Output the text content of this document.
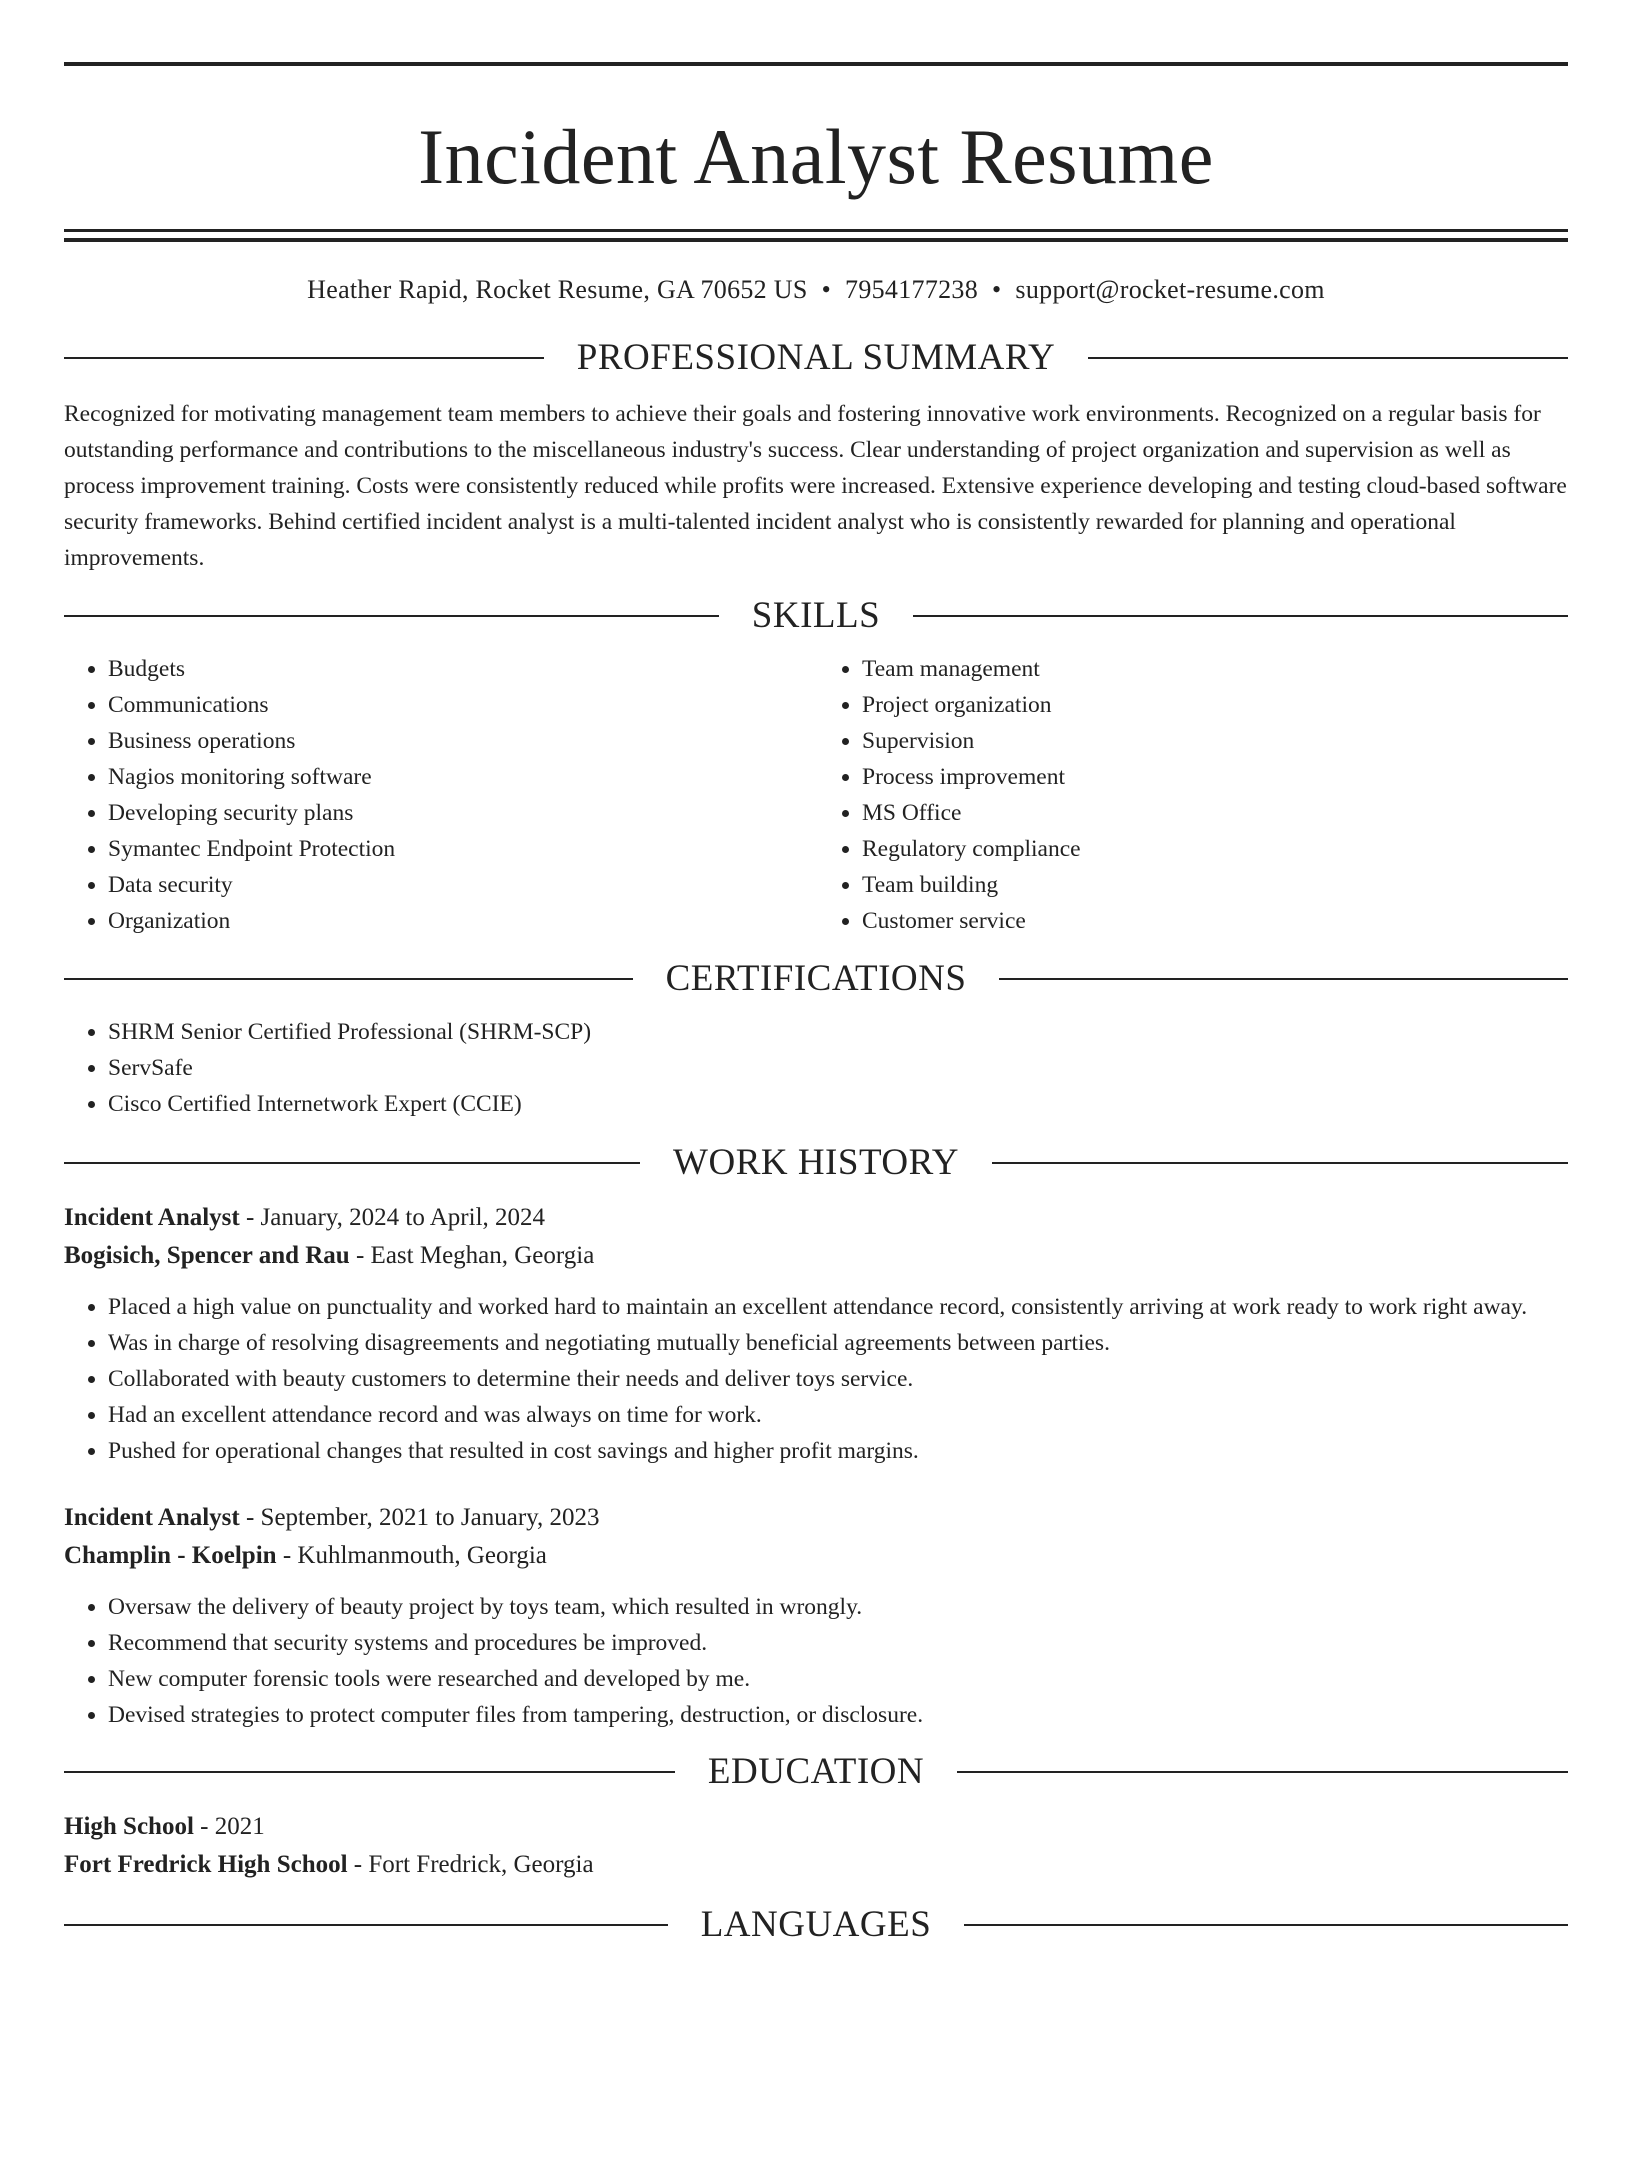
Incident Analyst Resume
Heather Rapid, Rocket Resume, GA 70652 US • 7954177238 • support@rocket-resume.com
PROFESSIONAL SUMMARY

Recognized for motivating management team members to achieve their goals and fostering innovative work environments. Recognized on a regular basis for outstanding performance and contributions to the miscellaneous industry's success. Clear understanding of project organization and supervision as well as process improvement training. Costs were consistently reduced while profits were increased. Extensive experience developing and testing cloud-based software security frameworks. Behind certified incident analyst is a multi-talented incident analyst who is consistently rewarded for planning and operational improvements.

SKILLS
• Budgets
• Communications
• Business operations
• Nagios monitoring software
• Developing security plans
• Symantec Endpoint Protection
• Data security
• Organization
• Team management
• Project organization
• Supervision
• Process improvement
• MS Office
• Regulatory compliance
• Team building
• Customer service
CERTIFICATIONS
• SHRM Senior Certified Professional (SHRM-SCP)
• ServSafe
• Cisco Certified Internetwork Expert (CCIE)
WORK HISTORY
Incident Analyst - January, 2024 to April, 2024
Bogisich, Spencer and Rau - East Meghan, Georgia
• Placed a high value on punctuality and worked hard to maintain an excellent attendance record, consistently arriving at work ready to work right away.
• Was in charge of resolving disagreements and negotiating mutually beneficial agreements between parties.
• Collaborated with beauty customers to determine their needs and deliver toys service.
• Had an excellent attendance record and was always on time for work.
• Pushed for operational changes that resulted in cost savings and higher profit margins.
Incident Analyst - September, 2021 to January, 2023
Champlin - Koelpin - Kuhlmanmouth, Georgia
• Oversaw the delivery of beauty project by toys team, which resulted in wrongly.
• Recommend that security systems and procedures be improved.
• New computer forensic tools were researched and developed by me.
• Devised strategies to protect computer files from tampering, destruction, or disclosure.
EDUCATION
High School - 2021
Fort Fredrick High School - Fort Fredrick, Georgia
LANGUAGES
